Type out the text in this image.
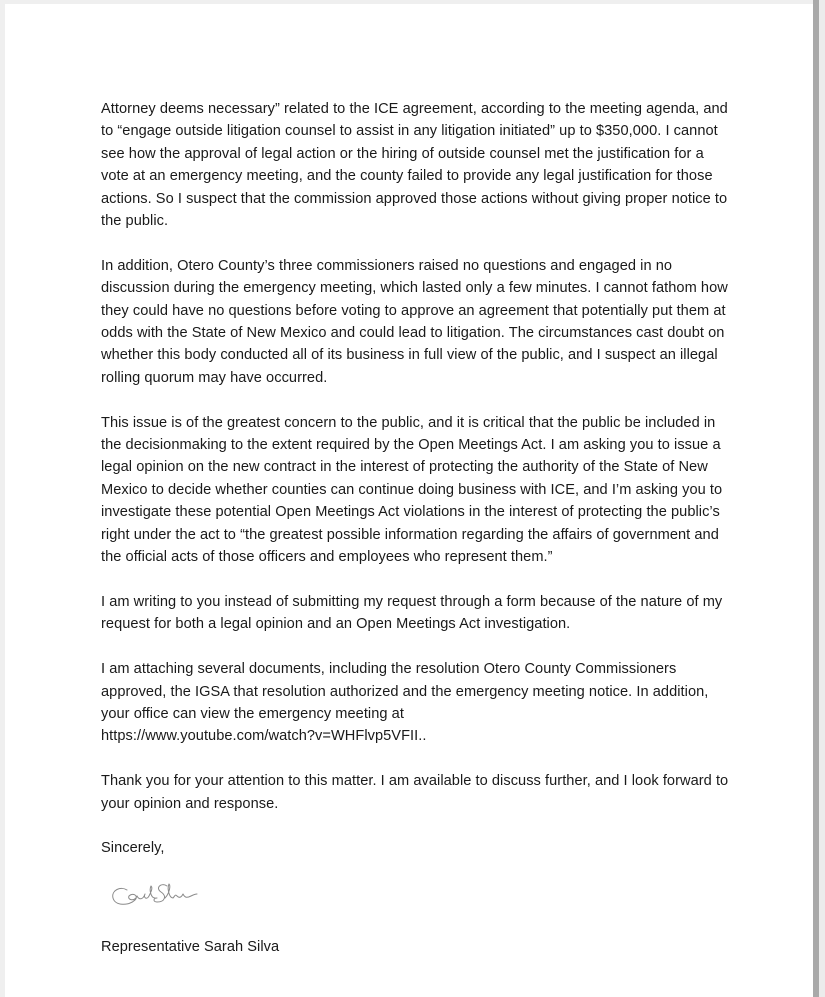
Attorney deems necessary” related to the ICE agreement, according to the meeting agenda, and to “engage outside litigation counsel to assist in any litigation initiated” up to $350,000. I cannot see how the approval of legal action or the hiring of outside counsel met the justification for a vote at an emergency meeting, and the county failed to provide any legal justification for those actions. So I suspect that the commission approved those actions without giving proper notice to the public.

In addition, Otero County’s three commissioners raised no questions and engaged in no discussion during the emergency meeting, which lasted only a few minutes. I cannot fathom how they could have no questions before voting to approve an agreement that potentially put them at odds with the State of New Mexico and could lead to litigation. The circumstances cast doubt on whether this body conducted all of its business in full view of the public, and I suspect an illegal rolling quorum may have occurred.

This issue is of the greatest concern to the public, and it is critical that the public be included in the decisionmaking to the extent required by the Open Meetings Act. I am asking you to issue a legal opinion on the new contract in the interest of protecting the authority of the State of New Mexico to decide whether counties can continue doing business with ICE, and I’m asking you to investigate these potential Open Meetings Act violations in the interest of protecting the public’s right under the act to “the greatest possible information regarding the affairs of government and the official acts of those officers and employees who represent them.”

I am writing to you instead of submitting my request through a form because of the nature of my request for both a legal opinion and an Open Meetings Act investigation.

I am attaching several documents, including the resolution Otero County Commissioners approved, the IGSA that resolution authorized and the emergency meeting notice. In addition, your office can view the emergency meeting at
https://www.youtube.com/watch?v=WHFlvp5VFII..

Thank you for your attention to this matter. I am available to discuss further, and I look forward to your opinion and response.

Sincerely,

Representative Sarah Silva
